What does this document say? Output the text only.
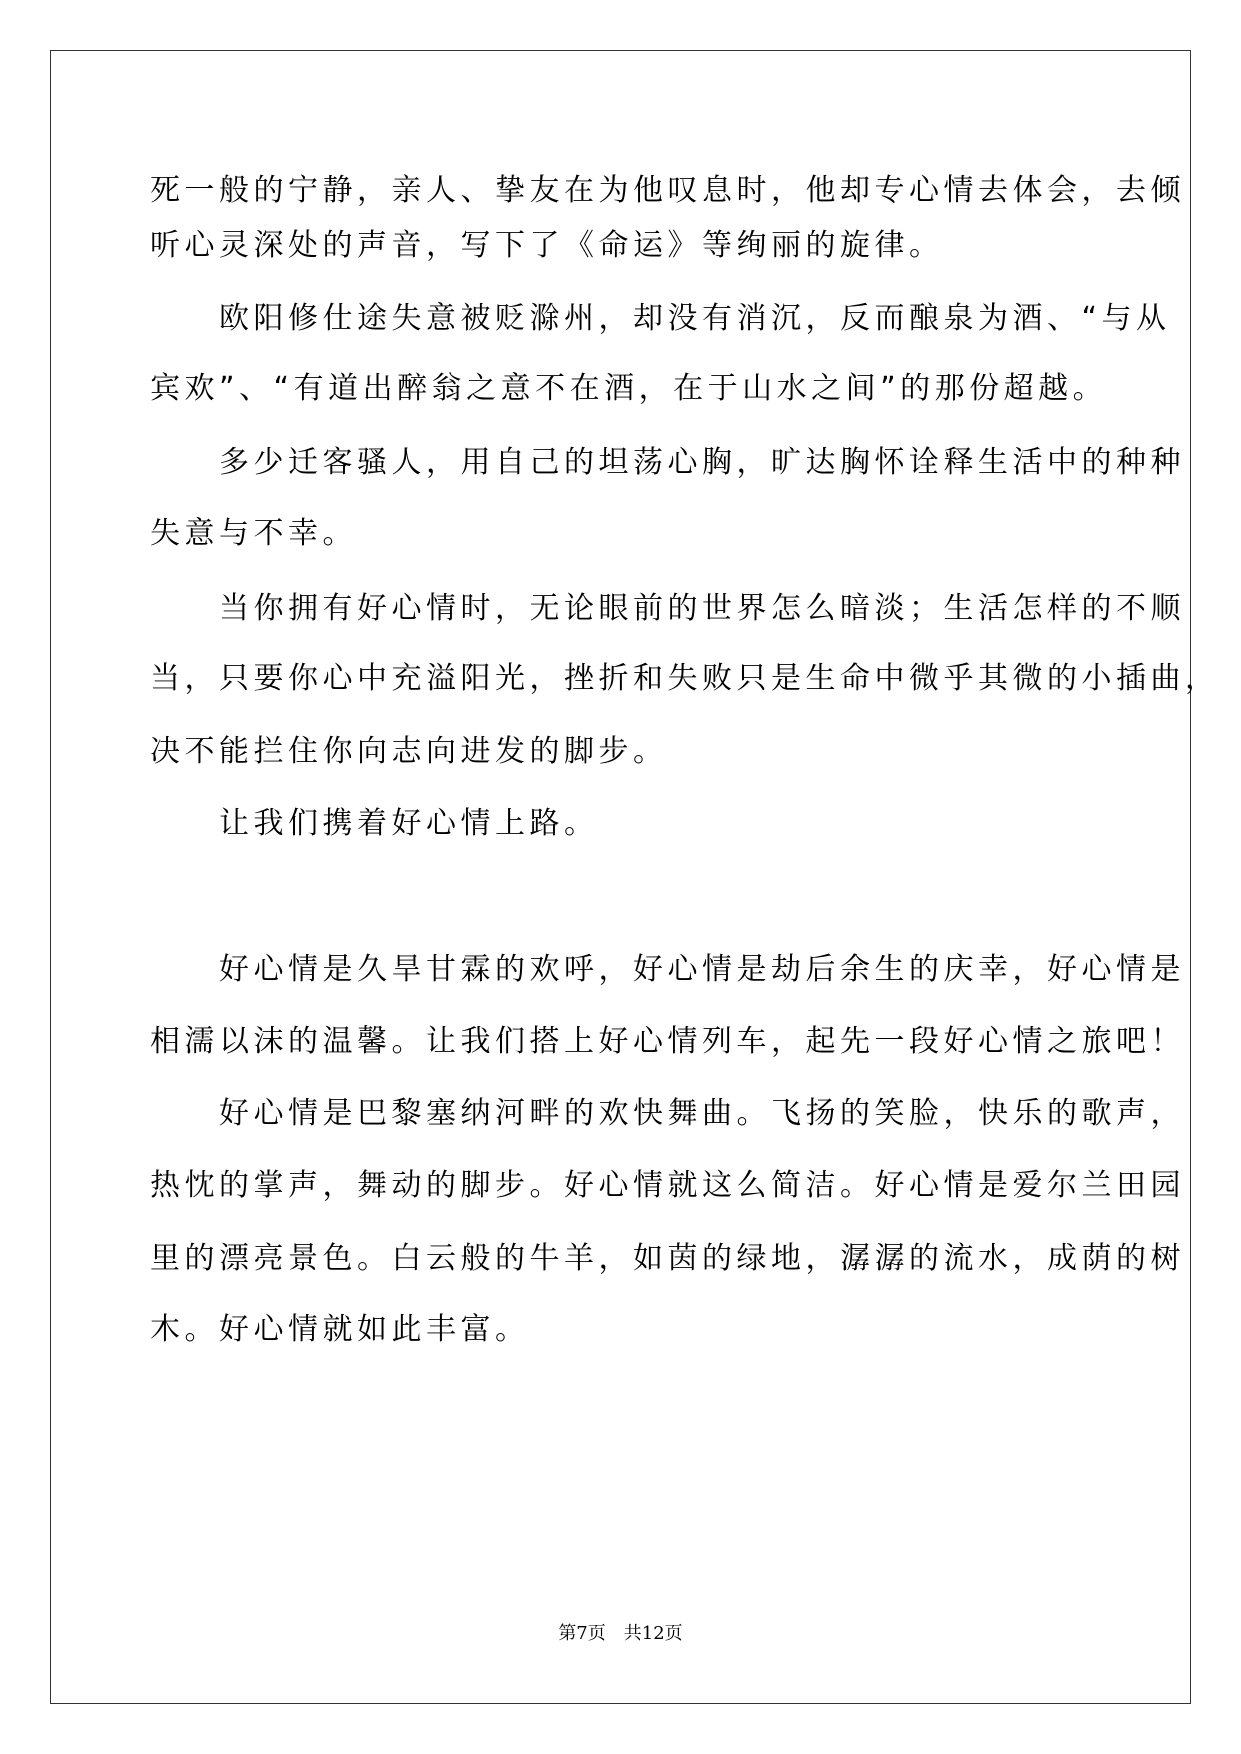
死一般的宁静，亲人、挚友在为他叹息时，他却专心情去体会，去倾
听心灵深处的声音，写下了《命运》等绚丽的旋律。
　　欧阳修仕途失意被贬滁州，却没有消沉，反而酿泉为酒、“与从
宾欢”、“有道出醉翁之意不在酒，在于山水之间”的那份超越。
　　多少迁客骚人，用自己的坦荡心胸，旷达胸怀诠释生活中的种种
失意与不幸。
　　当你拥有好心情时，无论眼前的世界怎么暗淡；生活怎样的不顺
当，只要你心中充溢阳光，挫折和失败只是生命中微乎其微的小插曲，
决不能拦住你向志向进发的脚步。
　　让我们携着好心情上路。
　　好心情是久旱甘霖的欢呼，好心情是劫后余生的庆幸，好心情是
相濡以沫的温馨。让我们搭上好心情列车，起先一段好心情之旅吧！
　　好心情是巴黎塞纳河畔的欢快舞曲。飞扬的笑脸，快乐的歌声，
热忱的掌声，舞动的脚步。好心情就这么简洁。好心情是爱尔兰田园
里的漂亮景色。白云般的牛羊，如茵的绿地，潺潺的流水，成荫的树
木。好心情就如此丰富。
第7页　共12页
